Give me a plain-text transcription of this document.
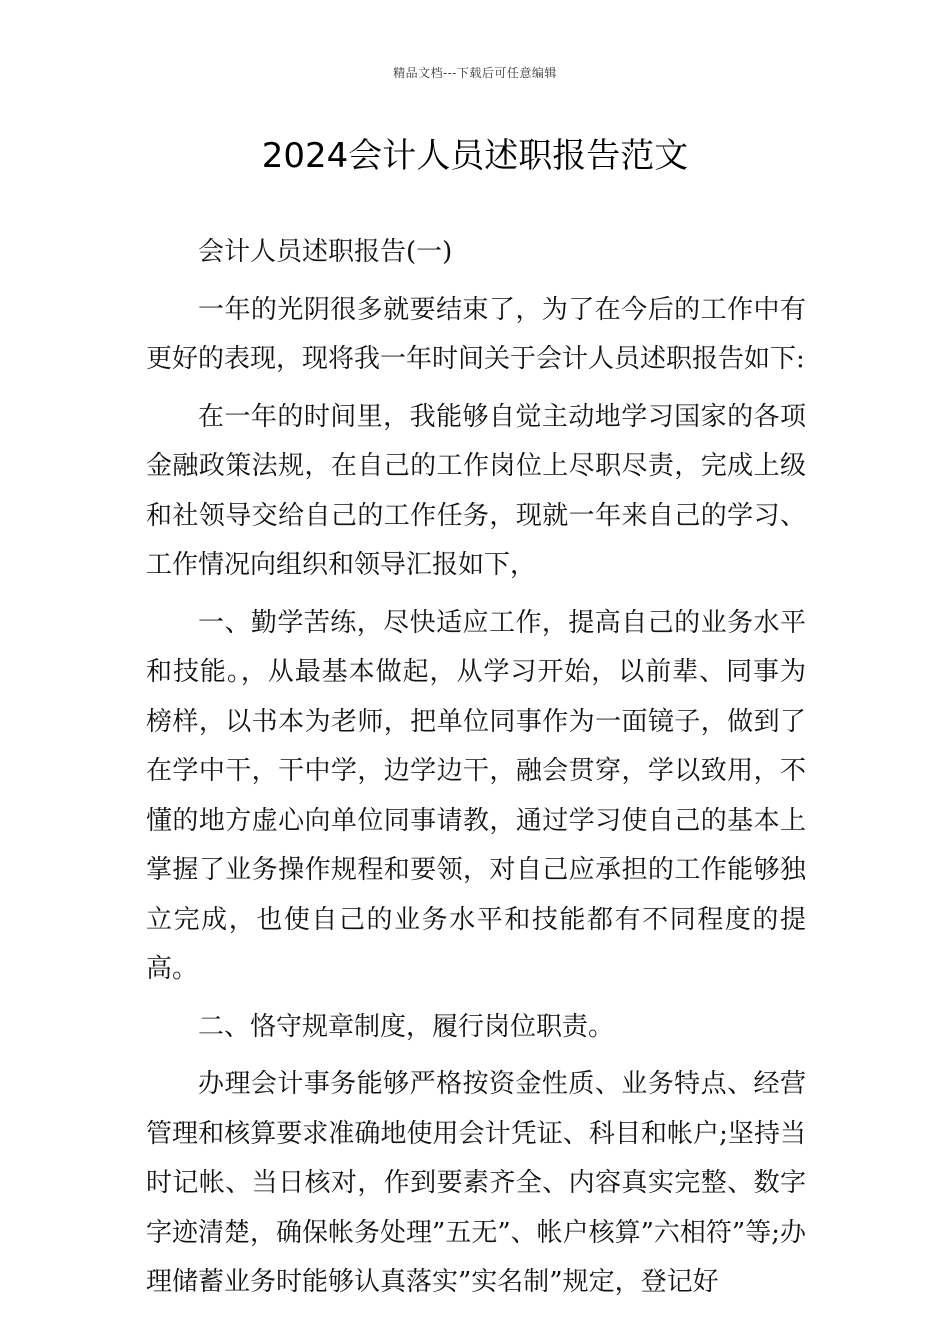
精品文档---下载后可任意编辑
2024会计人员述职报告范文

会计人员述职报告(一)

一年的光阴很多就要结束了，为了在今后的工作中有更好的表现，现将我一年时间关于会计人员述职报告如下:

在一年的时间里，我能够自觉主动地学习国家的各项金融政策法规，在自己的工作岗位上尽职尽责，完成上级和社领导交给自己的工作任务，现就一年来自己的学习、工作情况向组织和领导汇报如下，

一、勤学苦练，尽快适应工作，提高自己的业务水平和技能。，从最基本做起，从学习开始，以前辈、同事为榜样，以书本为老师，把单位同事作为一面镜子，做到了在学中干，干中学，边学边干，融会贯穿，学以致用，不懂的地方虚心向单位同事请教，通过学习使自己的基本上掌握了业务操作规程和要领，对自己应承担的工作能够独立完成，也使自己的业务水平和技能都有不同程度的提高。

二、恪守规章制度，履行岗位职责。

办理会计事务能够严格按资金性质、业务特点、经营管理和核算要求准确地使用会计凭证、科目和帐户;坚持当时记帐、当日核对，作到要素齐全、内容真实完整、数字字迹清楚，确保帐务处理”五无”、帐户核算”六相符”等;办理储蓄业务时能够认真落实”实名制”规定，登记好
